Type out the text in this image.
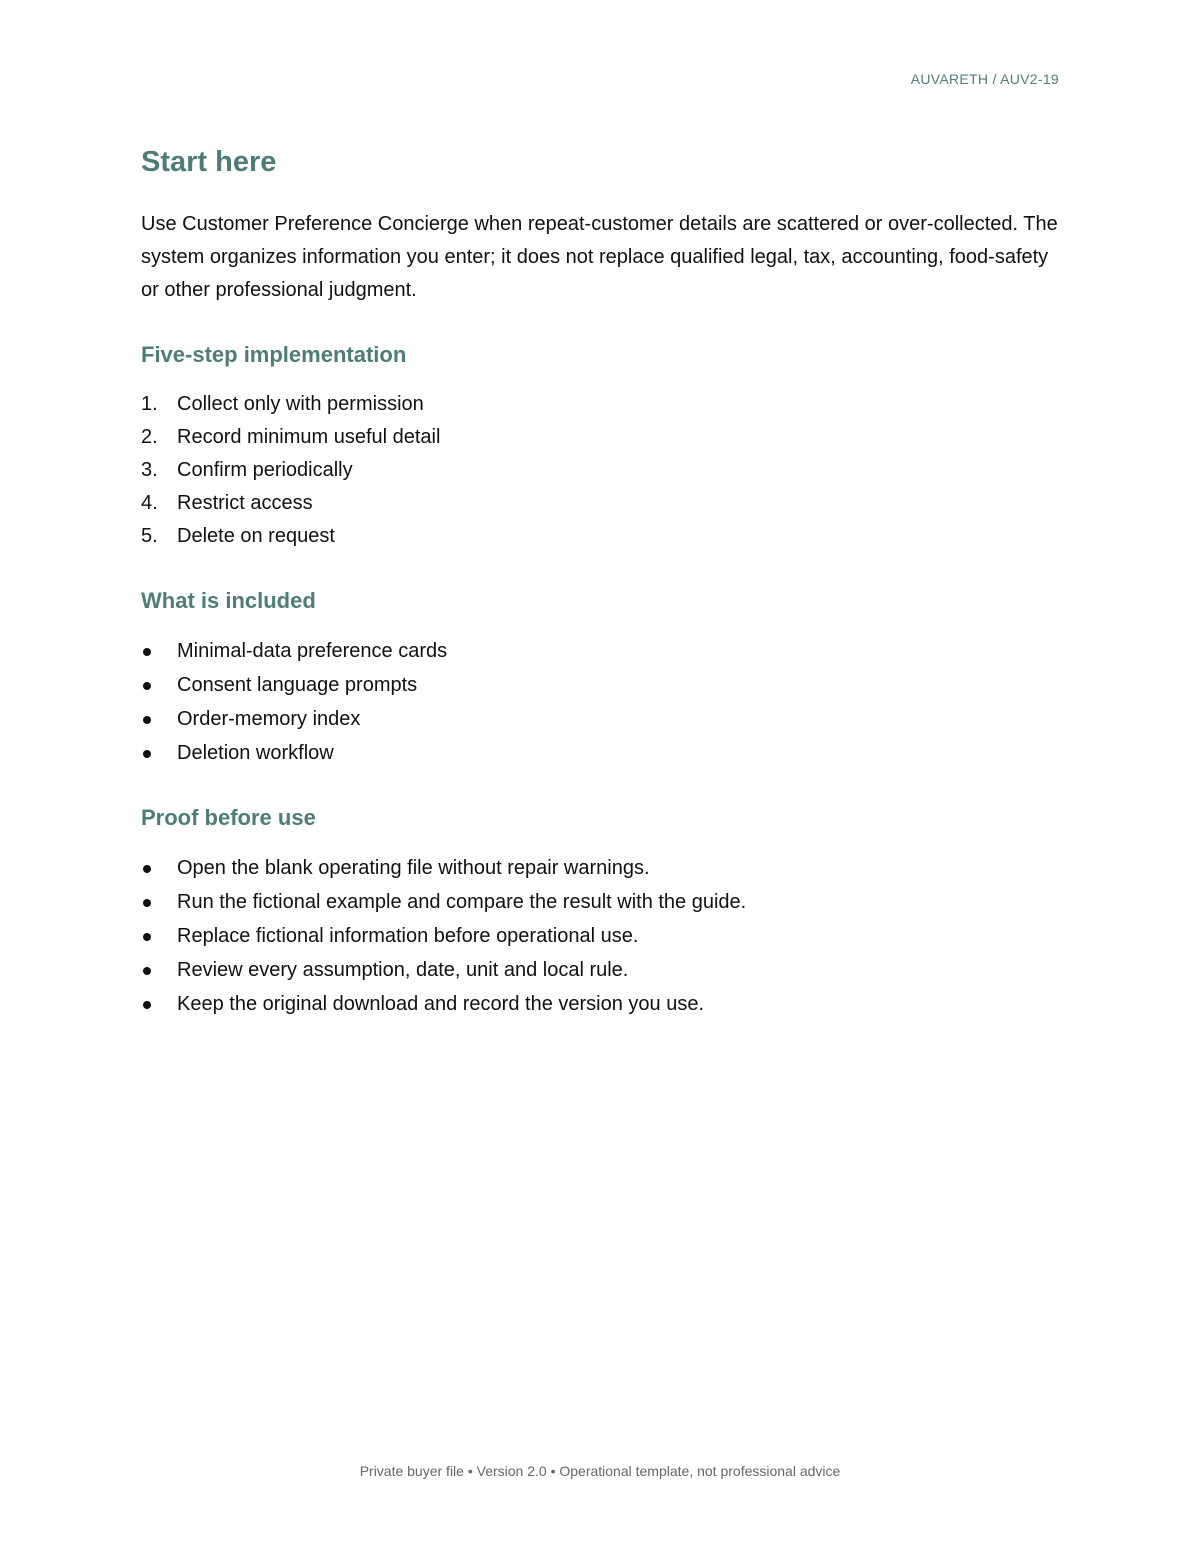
AUVARETH / AUV2-19
Start here

Use Customer Preference Concierge when repeat-customer details are scattered or over-collected. The system organizes information you enter; it does not replace qualified legal, tax, accounting, food-safety or other professional judgment.

Five-step implementation
1. Collect only with permission
2. Record minimum useful detail
3. Confirm periodically
4. Restrict access
5. Delete on request
What is included
Minimal-data preference cards
Consent language prompts
Order-memory index
Deletion workflow
Proof before use
Open the blank operating file without repair warnings.
Run the fictional example and compare the result with the guide.
Replace fictional information before operational use.
Review every assumption, date, unit and local rule.
Keep the original download and record the version you use.
Private buyer file • Version 2.0 • Operational template, not professional advice
